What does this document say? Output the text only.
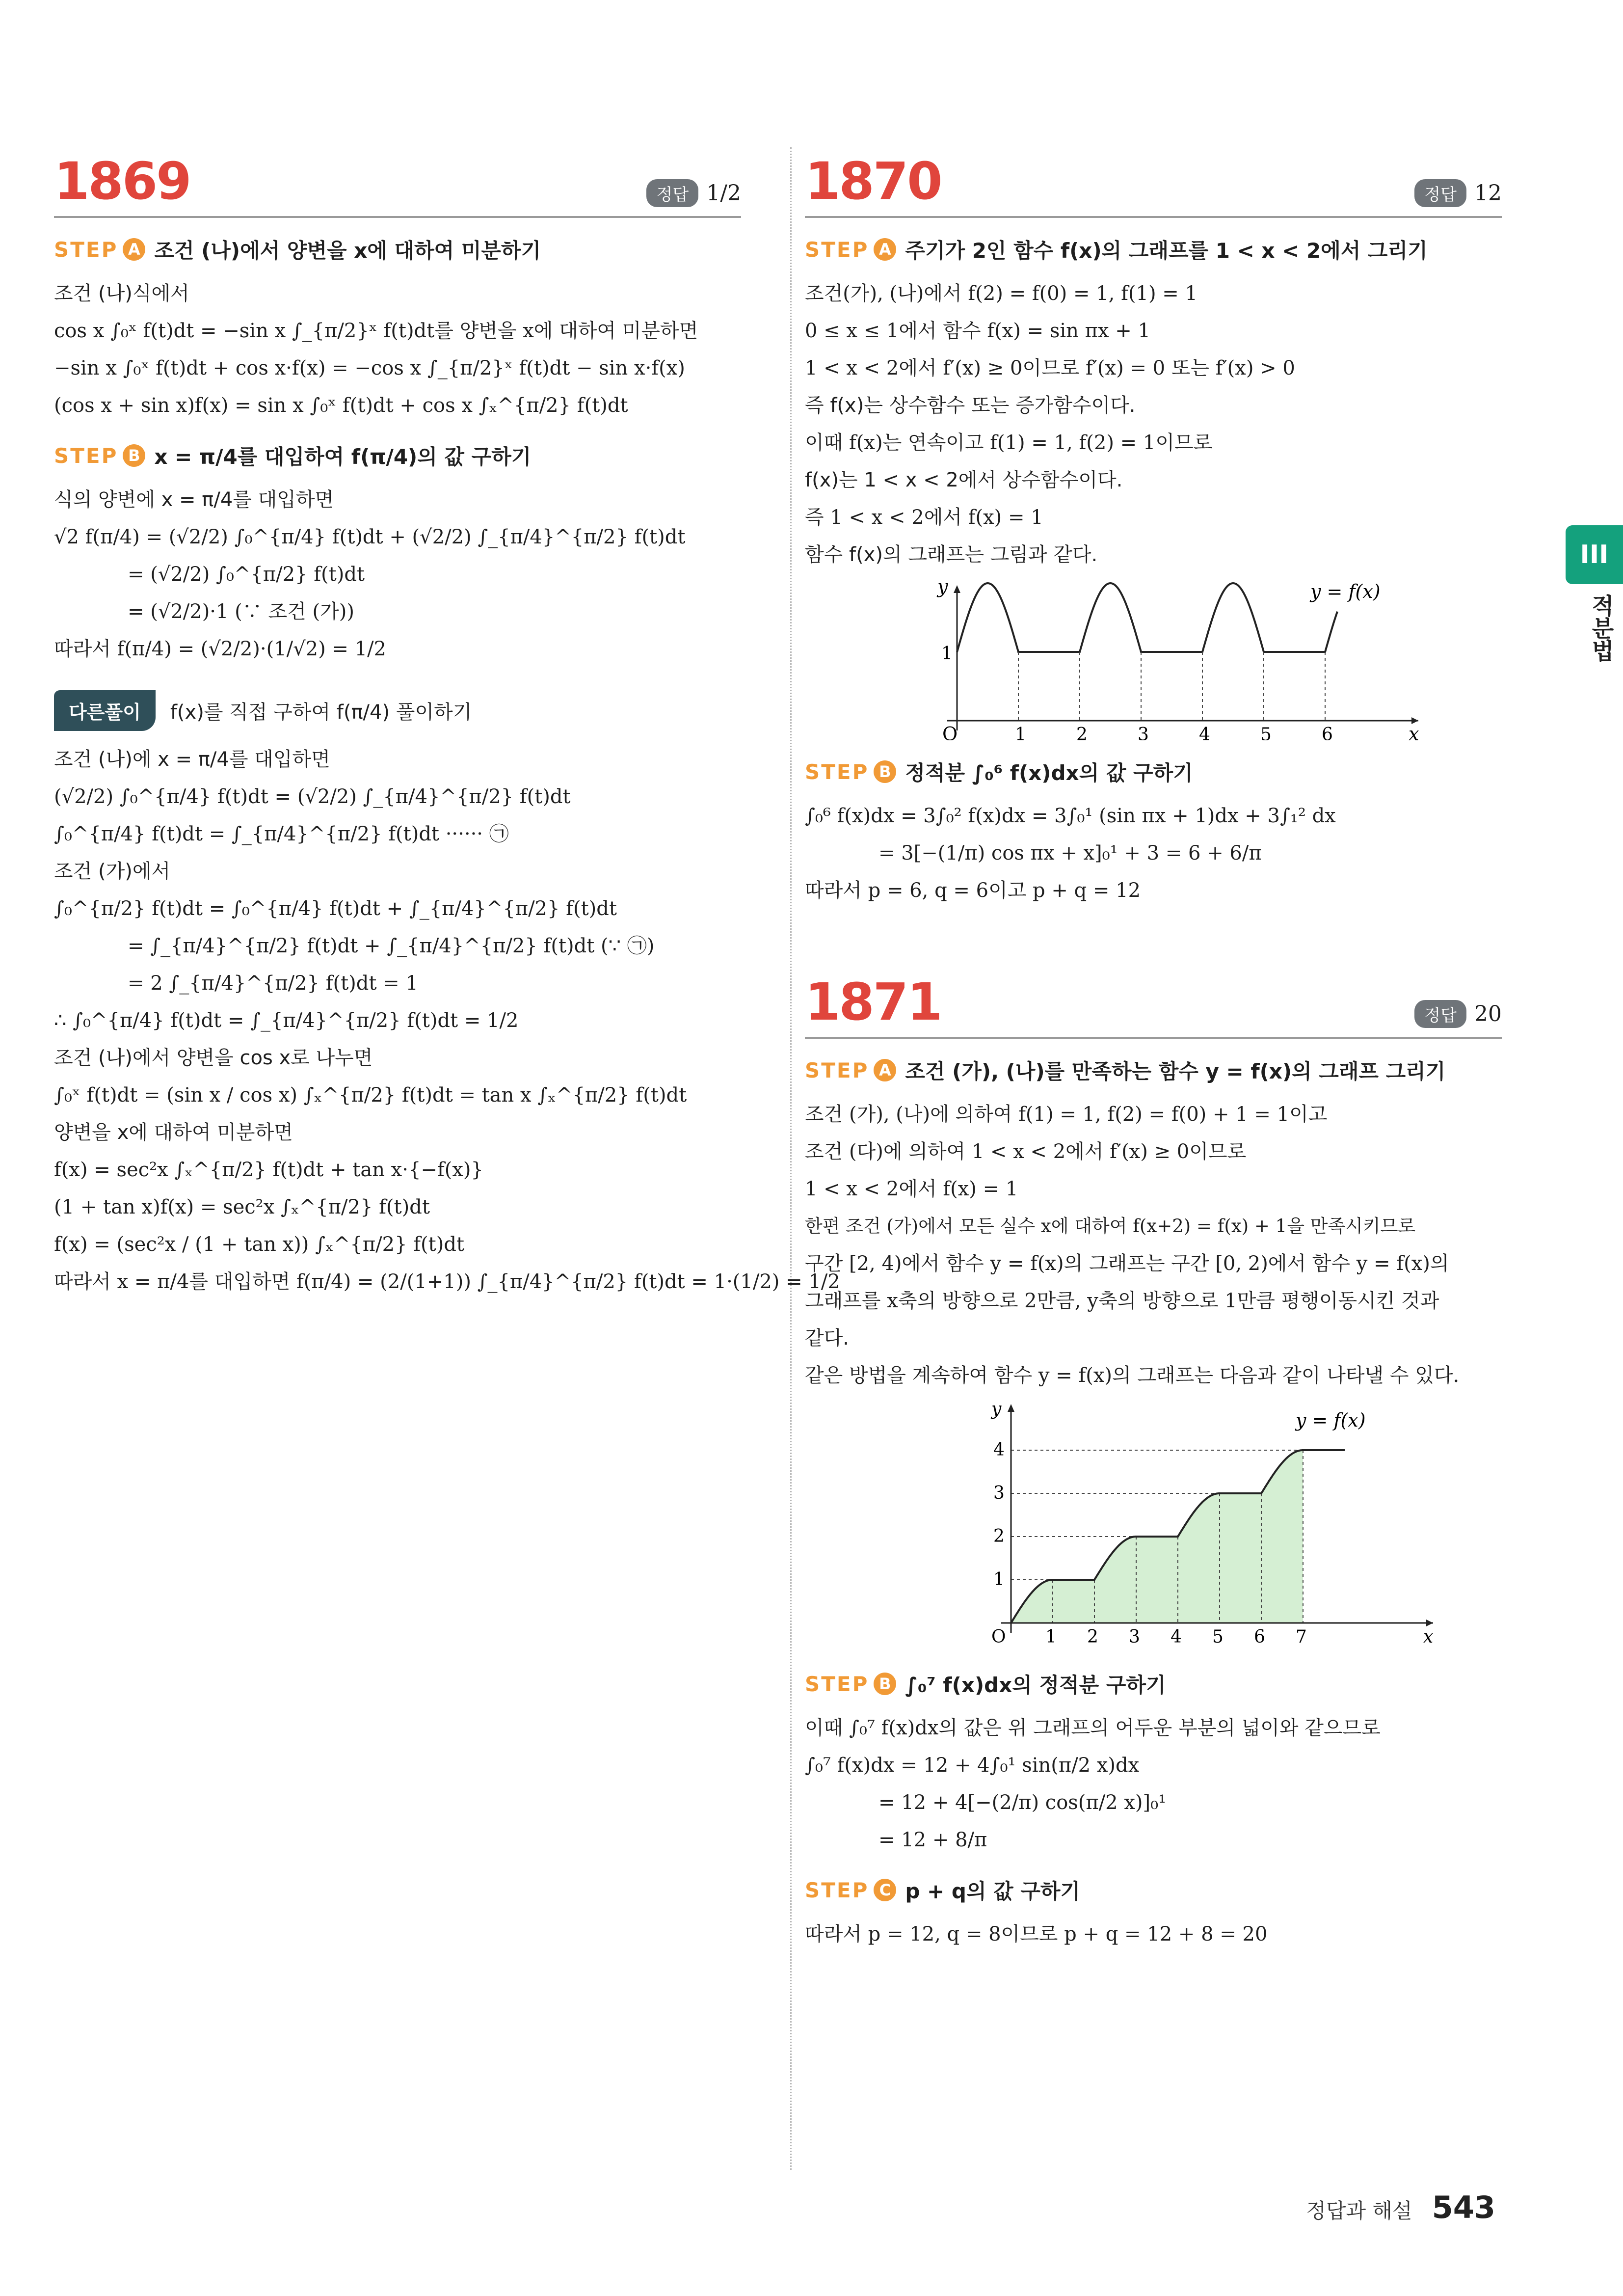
1869	정답 1/2
STEP A 조건 (나)에서 양변을 x에 대하여 미분하기
조건 (나)식에서
cos x ∫₀ˣ f(t)dt = −sin x ∫_{π/2}ˣ f(t)dt를 양변을 x에 대하여 미분하면
−sin x ∫₀ˣ f(t)dt + cos x·f(x) = −cos x ∫_{π/2}ˣ f(t)dt − sin x·f(x)
(cos x + sin x)f(x) = sin x ∫₀ˣ f(t)dt + cos x ∫ₓ^{π/2} f(t)dt
STEP B x = π/4를 대입하여 f(π/4)의 값 구하기
식의 양변에 x = π/4를 대입하면
√2 f(π/4) = (√2/2) ∫₀^{π/4} f(t)dt + (√2/2) ∫_{π/4}^{π/2} f(t)dt
= (√2/2) ∫₀^{π/2} f(t)dt
= (√2/2)·1 (∵ 조건 (가))
따라서 f(π/4) = (√2/2)·(1/√2) = 1/2
다른풀이	f(x)를 직접 구하여 f(π/4) 풀이하기
조건 (나)에 x = π/4를 대입하면
(√2/2) ∫₀^{π/4} f(t)dt = (√2/2) ∫_{π/4}^{π/2} f(t)dt
∫₀^{π/4} f(t)dt = ∫_{π/4}^{π/2} f(t)dt ······ ㉠
조건 (가)에서
∫₀^{π/2} f(t)dt = ∫₀^{π/4} f(t)dt + ∫_{π/4}^{π/2} f(t)dt
= ∫_{π/4}^{π/2} f(t)dt + ∫_{π/4}^{π/2} f(t)dt (∵ ㉠)
= 2 ∫_{π/4}^{π/2} f(t)dt = 1
∴ ∫₀^{π/4} f(t)dt = ∫_{π/4}^{π/2} f(t)dt = 1/2
조건 (나)에서 양변을 cos x로 나누면
∫₀ˣ f(t)dt = (sin x / cos x) ∫ₓ^{π/2} f(t)dt = tan x ∫ₓ^{π/2} f(t)dt
양변을 x에 대하여 미분하면
f(x) = sec²x ∫ₓ^{π/2} f(t)dt + tan x·{−f(x)}
(1 + tan x)f(x) = sec²x ∫ₓ^{π/2} f(t)dt
f(x) = (sec²x / (1 + tan x)) ∫ₓ^{π/2} f(t)dt
따라서 x = π/4를 대입하면 f(π/4) = (2/(1+1)) ∫_{π/4}^{π/2} f(t)dt = 1·(1/2) = 1/2
1870	정답 12
STEP A 주기가 2인 함수 f(x)의 그래프를 1 < x < 2에서 그리기
조건(가), (나)에서 f(2) = f(0) = 1, f(1) = 1
0 ≤ x ≤ 1에서 함수 f(x) = sin πx + 1
1 < x < 2에서 f′(x) ≥ 0이므로 f′(x) = 0 또는 f′(x) > 0
즉 f(x)는 상수함수 또는 증가함수이다.
이때 f(x)는 연속이고 f(1) = 1, f(2) = 1이므로
f(x)는 1 < x < 2에서 상수함수이다.
즉 1 < x < 2에서 f(x) = 1
함수 f(x)의 그래프는 그림과 같다.
y
x
O
1
y = f(x)
1	2	3	4	5	6
STEP B 정적분 ∫₀⁶ f(x)dx의 값 구하기
∫₀⁶ f(x)dx = 3∫₀² f(x)dx = 3∫₀¹ (sin πx + 1)dx + 3∫₁² dx
= 3[−(1/π) cos πx + x]₀¹ + 3 = 6 + 6/π
따라서 p = 6, q = 6이고 p + q = 12
1871	정답 20
STEP A 조건 (가), (나)를 만족하는 함수 y = f(x)의 그래프 그리기
조건 (가), (나)에 의하여 f(1) = 1, f(2) = f(0) + 1 = 1이고
조건 (다)에 의하여 1 < x < 2에서 f′(x) ≥ 0이므로
1 < x < 2에서 f(x) = 1
한편 조건 (가)에서 모든 실수 x에 대하여 f(x+2) = f(x) + 1을 만족시키므로
구간 [2, 4)에서 함수 y = f(x)의 그래프는 구간 [0, 2)에서 함수 y = f(x)의
그래프를 x축의 방향으로 2만큼, y축의 방향으로 1만큼 평행이동시킨 것과
같다.
같은 방법을 계속하여 함수 y = f(x)의 그래프는 다음과 같이 나타낼 수 있다.
y
x
O
1
2
3
4
1 2 3 4 5 6 7
y = f(x)
STEP B ∫₀⁷ f(x)dx의 정적분 구하기
이때 ∫₀⁷ f(x)dx의 값은 위 그래프의 어두운 부분의 넓이와 같으므로
∫₀⁷ f(x)dx = 12 + 4∫₀¹ sin(π/2 x)dx
= 12 + 4[−(2/π) cos(π/2 x)]₀¹
= 12 + 8/π
STEP C p + q의 값 구하기
따라서 p = 12, q = 8이므로 p + q = 12 + 8 = 20
III
적분법
정답과 해설 543
